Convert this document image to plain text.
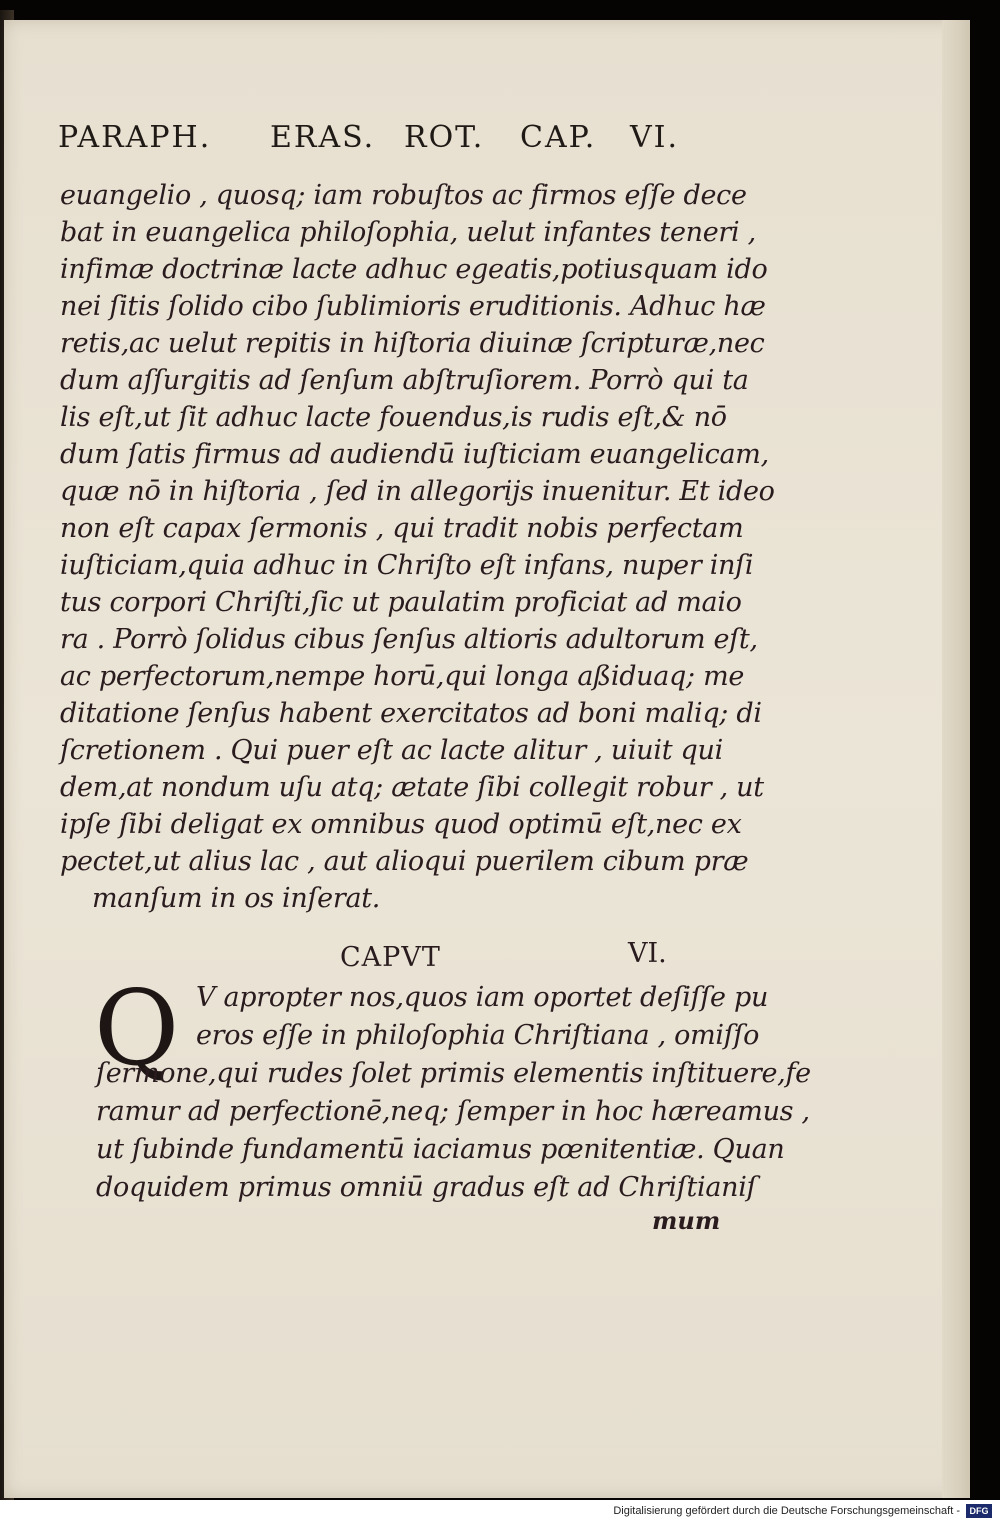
PARAPH. ERAS. ROT. CAP. VI.
euangelio , quosq; iam robuſtos ac firmos eſſe dece
bat in euangelica philoſophia, uelut infantes teneri ,
infimæ doctrinæ lacte adhuc egeatis,potiusquam ido
nei ſitis ſolido cibo ſublimioris eruditionis. Adhuc hæ
retis,ac uelut repitis in hiſtoria diuinæ ſcripturæ,nec
dum aſſurgitis ad ſenſum abſtruſiorem. Porrò qui ta
lis eſt,ut ſit adhuc lacte fouendus,is rudis eſt,& nō
dum ſatis firmus ad audiendū iuſticiam euangelicam,
quæ nō in hiſtoria , ſed in allegorijs inuenitur. Et ideo
non eſt capax ſermonis , qui tradit nobis perfectam
iuſticiam,quia adhuc in Chriſto eſt infans, nuper inſi
tus corpori Chriſti,ſic ut paulatim proficiat ad maio
ra . Porrò ſolidus cibus ſenſus altioris adultorum eſt,
ac perfectorum,nempe horū,qui longa aßiduaq; me
ditatione ſenſus habent exercitatos ad boni maliq; di
ſcretionem . Qui puer eſt ac lacte alitur , uiuit qui
dem,at nondum uſu atq; ætate ſibi collegit robur , ut
ipſe ſibi deligat ex omnibus quod optimū eſt,nec ex
pectet,ut alius lac , aut alioqui puerilem cibum præ
manſum in os inſerat.
CAPVT	VI.
Q V apropter nos,quos iam oportet deſiſſe pu
eros eſſe in philoſophia Chriſtiana , omiſſo
ſermone,qui rudes ſolet primis elementis inſtituere,fe
ramur ad perfectionē,neq; ſemper in hoc hæreamus ,
ut ſubinde fundamentū iaciamus pœnitentiæ. Quan
doquidem primus omniū gradus eſt ad Chriſtianiſ
mum
Digitalisierung gefördert durch die Deutsche Forschungsgemeinschaft -	DFG
